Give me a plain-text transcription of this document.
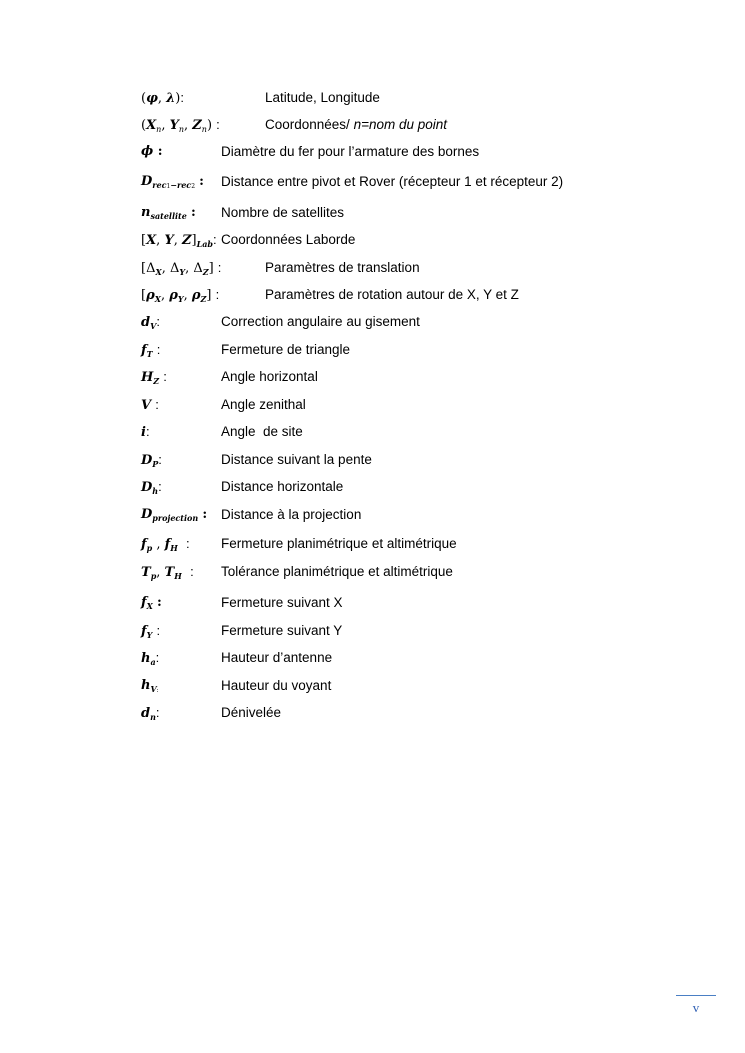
(φ, λ):	Latitude, Longitude
($X_n$, $Y_n$, $Z_n$) :	Coordonnées/ n=nom du point
ϕ :	Diamètre du fer pour l’armature des bornes
$D_{rec1-rec2}$ : Distance entre pivot et Rover (récepteur 1 et récepteur 2)
$n_{satellite}$ : Nombre de satellites
[X, Y, $Z]_{Lab}$: Coordonnées Laborde
[$\Delta_X$, $\Delta_Y$, $\Delta_Z$] :	Paramètres de translation
[$\rho_X$, $\rho_Y$, $\rho_Z$] :	Paramètres de rotation autour de X, Y et Z
$d_V$:	Correction angulaire au gisement
$f_T$ :	Fermeture de triangle
$H_Z$ :	Angle horizontal
V :	Angle zenithal
i:	Angle  de site
$D_P$:	Distance suivant la pente
$D_h$:	Distance horizontale
$D_{projection}$ : Distance à la projection
$f_p$ , $f_H$ : Fermeture planimétrique et altimétrique
$T_p$, $T_H$ : Tolérance planimétrique et altimétrique
$f_X$ :	Fermeture suivant X
$f_Y$ :	Fermeture suivant Y
$h_a$:	Hauteur d’antenne
$h_{V:}$	Hauteur du voyant
$d_n$:	Dénivelée
v
